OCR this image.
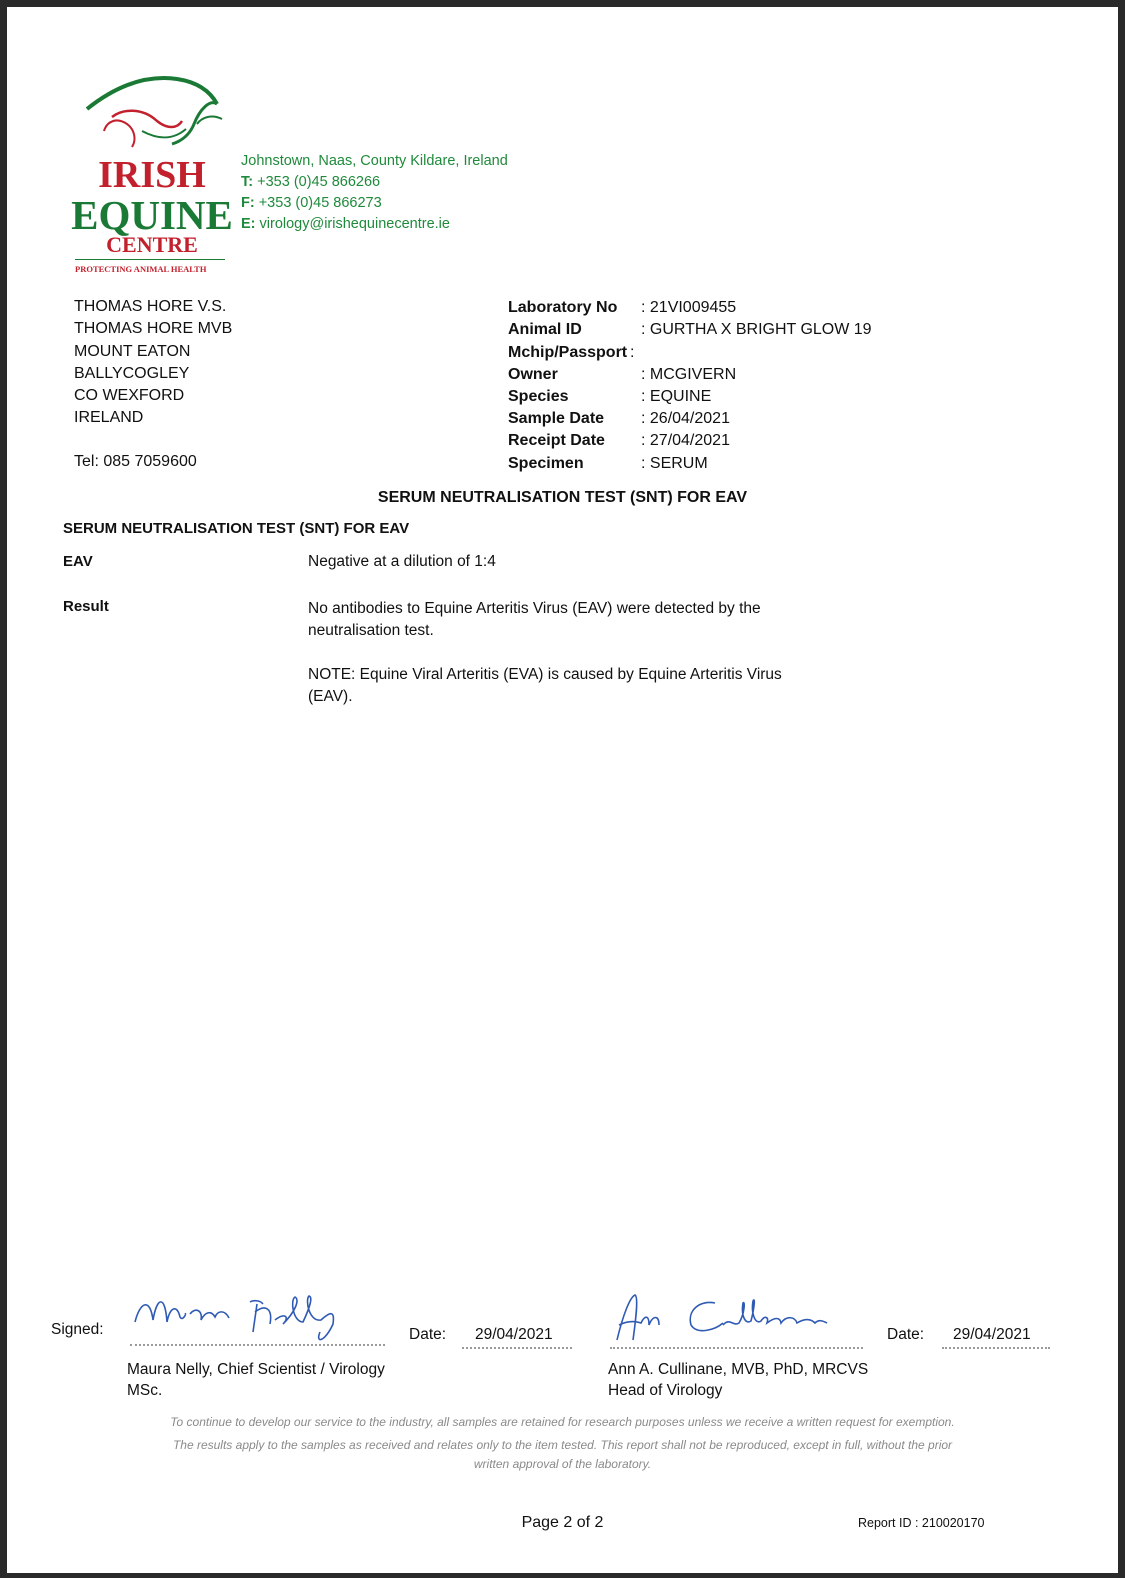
IRISH
EQUINE
CENTRE
PROTECTING ANIMAL HEALTH
Johnstown, Naas, County Kildare, Ireland
T: +353 (0)45 866266
F: +353 (0)45 866273
E: virology@irishequinecentre.ie
THOMAS HORE V.S.
THOMAS HORE MVB
MOUNT EATON
BALLYCOGLEY
CO WEXFORD
IRELAND
Tel: 085 7059600
Laboratory No : 21VI009455
Animal ID	: GURTHA X BRIGHT GLOW 19
Mchip/Passport :
Owner	: MCGIVERN
Species	: EQUINE
Sample Date : 26/04/2021
Receipt Date : 27/04/2021
Specimen	: SERUM
SERUM NEUTRALISATION TEST (SNT) FOR EAV
SERUM NEUTRALISATION TEST (SNT) FOR EAV
EAV	Negative at a dilution of 1:4
Result	No antibodies to Equine Arteritis Virus (EAV) were detected by the
neutralisation test.
NOTE: Equine Viral Arteritis (EVA) is caused by Equine Arteritis Virus
(EAV).
Signed:	Date: 29/04/2021
Maura Nelly, Chief Scientist / Virology
MSc.
Date: 29/04/2021
Ann A. Cullinane, MVB, PhD, MRCVS
Head of Virology
To continue to develop our service to the industry, all samples are retained for research purposes unless we receive a written request for exemption.
The results apply to the samples as received and relates only to the item tested. This report shall not be reproduced, except in full, without the prior
written approval of the laboratory.
Page 2 of 2	Report ID : 210020170
